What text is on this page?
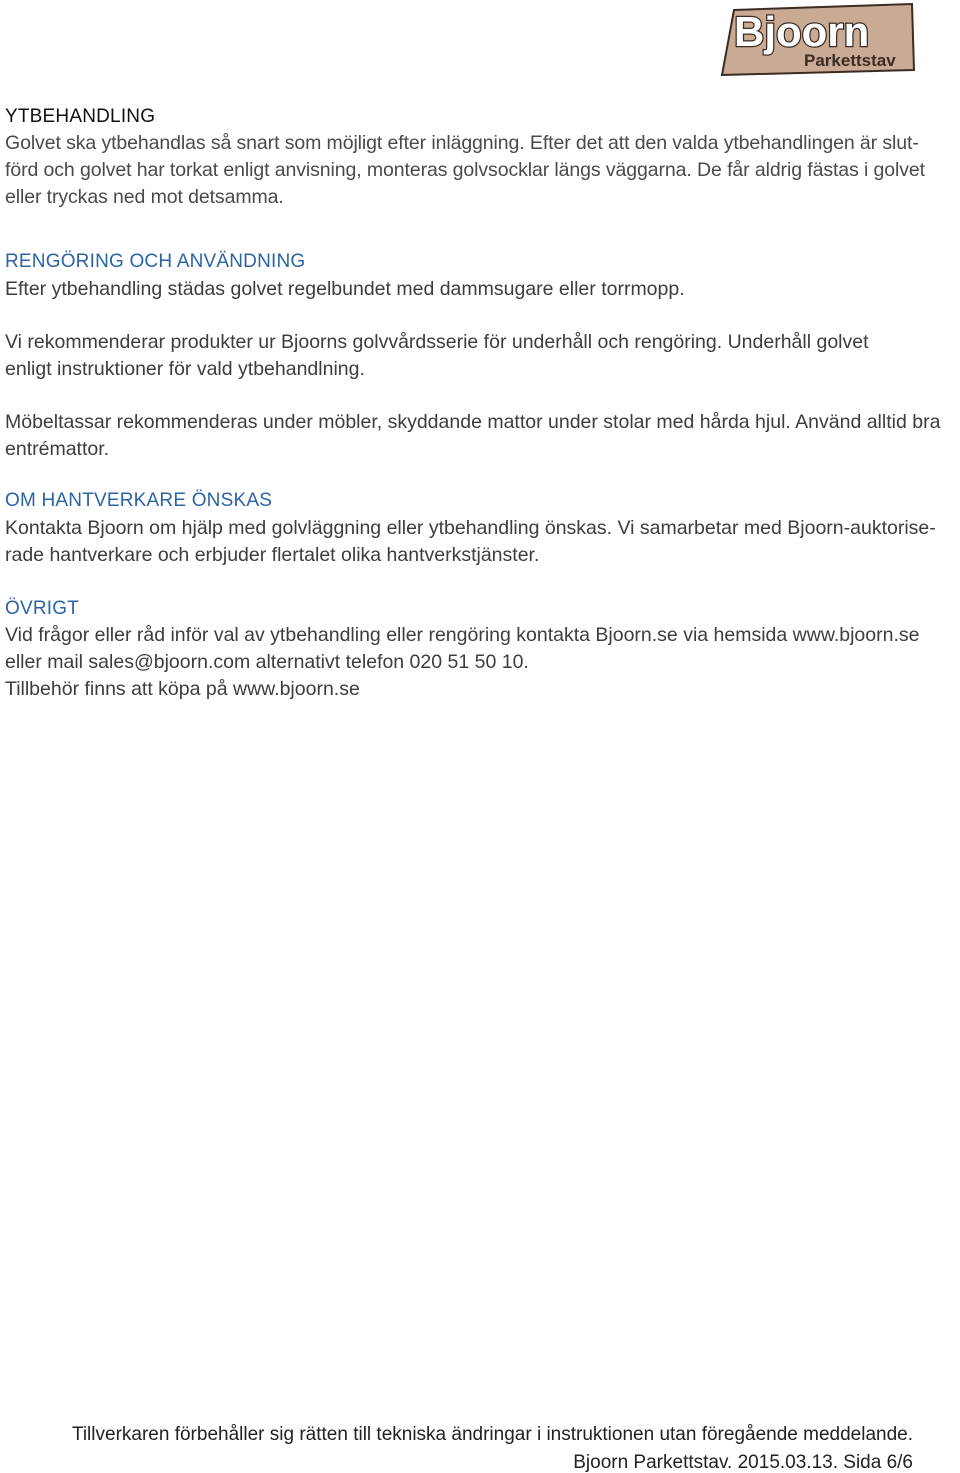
Bjoorn
Parkettstav
YTBEHANDLING
Golvet ska ytbehandlas så snart som möjligt efter inläggning. Efter det att den valda ytbehandlingen är slut-
förd och golvet har torkat enligt anvisning, monteras golvsocklar längs väggarna. De får aldrig fästas i golvet
eller tryckas ned mot detsamma.
RENGÖRING OCH ANVÄNDNING
Efter ytbehandling städas golvet regelbundet med dammsugare eller torrmopp.
Vi rekommenderar produkter ur Bjoorns golvvårdsserie för underhåll och rengöring. Underhåll golvet
enligt instruktioner för vald ytbehandlning.
Möbeltassar rekommenderas under möbler, skyddande mattor under stolar med hårda hjul. Använd alltid bra
entrémattor.
OM HANTVERKARE ÖNSKAS
Kontakta Bjoorn om hjälp med golvläggning eller ytbehandling önskas. Vi samarbetar med Bjoorn-auktorise-
rade hantverkare och erbjuder flertalet olika hantverkstjänster.
ÖVRIGT
Vid frågor eller råd inför val av ytbehandling eller rengöring kontakta Bjoorn.se via hemsida www.bjoorn.se
eller mail sales@bjoorn.com alternativt telefon 020 51 50 10.
Tillbehör finns att köpa på www.bjoorn.se
Tillverkaren förbehåller sig rätten till tekniska ändringar i instruktionen utan föregående meddelande.
Bjoorn Parkettstav. 2015.03.13. Sida 6/6
